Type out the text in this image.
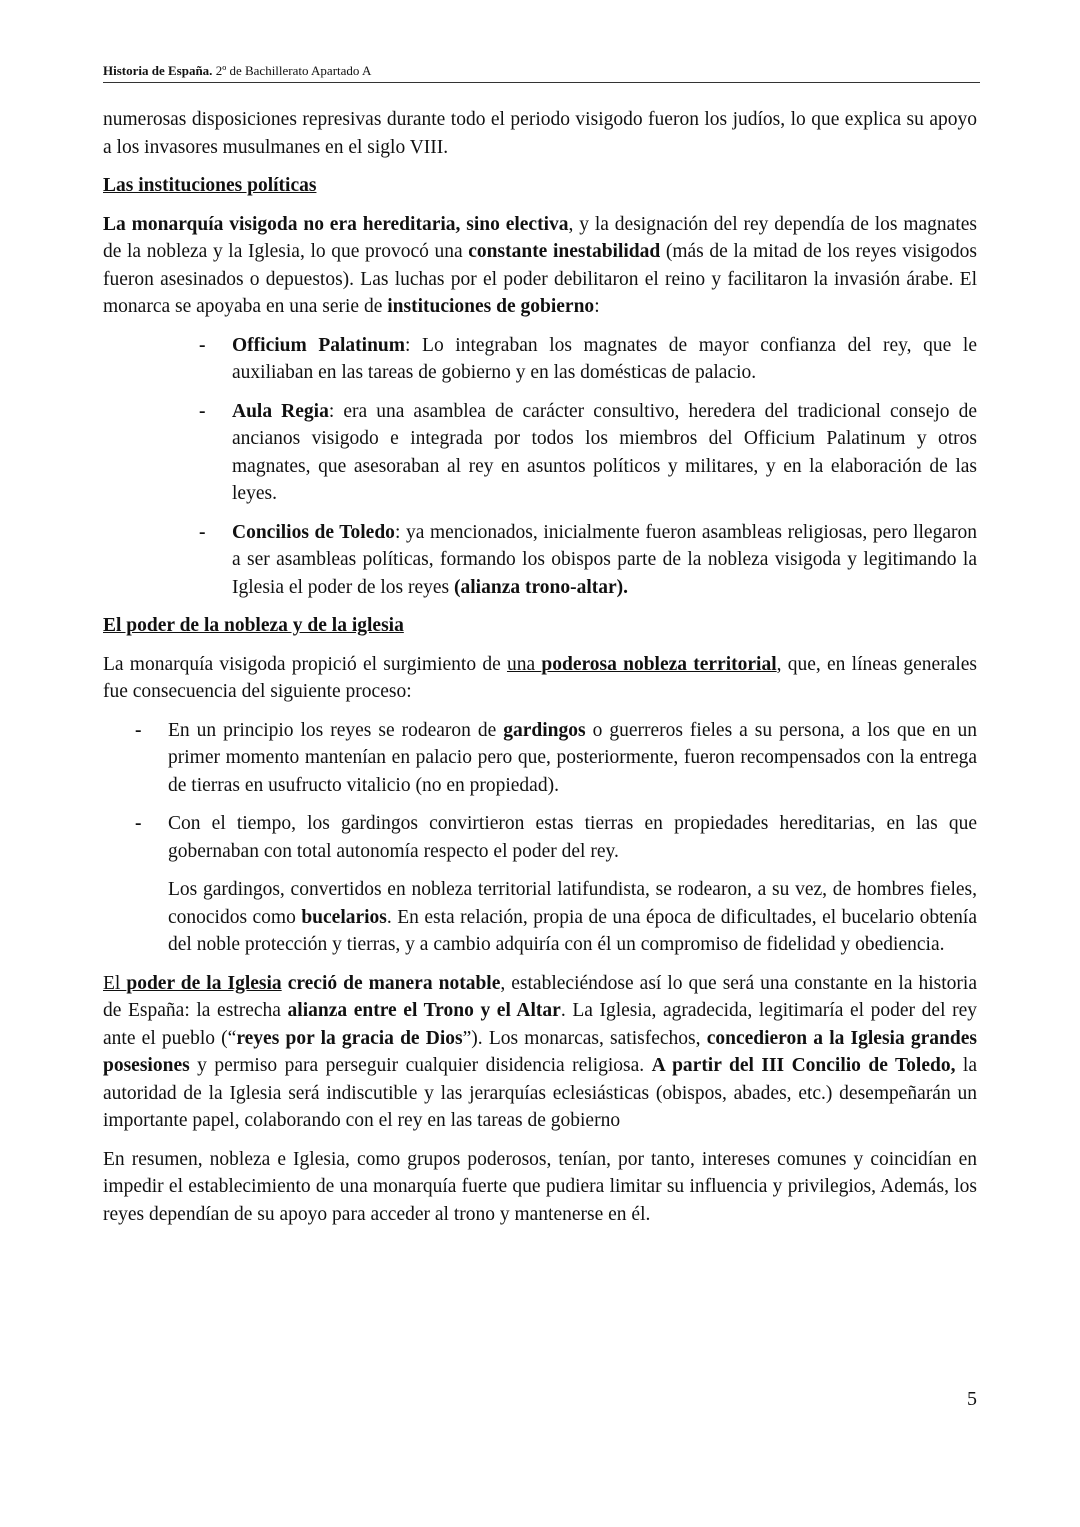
Historia de España. 2º de Bachillerato Apartado A

numerosas disposiciones represivas durante todo el periodo visigodo fueron los judíos, lo que explica su apoyo a los invasores musulmanes en el siglo VIII.

Las instituciones políticas

La monarquía visigoda no era hereditaria, sino electiva, y la designación del rey dependía de los magnates de la nobleza y la Iglesia, lo que provocó una constante inestabilidad (más de la mitad de los reyes visigodos fueron asesinados o depuestos). Las luchas por el poder debilitaron el reino y facilitaron la invasión árabe. El monarca se apoyaba en una serie de instituciones de gobierno:

- Officium Palatinum: Lo integraban los magnates de mayor confianza del rey, que le auxiliaban en las tareas de gobierno y en las domésticas de palacio.
- Aula Regia: era una asamblea de carácter consultivo, heredera del tradicional consejo de ancianos visigodo e integrada por todos los miembros del Officium Palatinum y otros magnates, que asesoraban al rey en asuntos políticos y militares, y en la elaboración de las leyes.
- Concilios de Toledo: ya mencionados, inicialmente fueron asambleas religiosas, pero llegaron a ser asambleas políticas, formando los obispos parte de la nobleza visigoda y legitimando la Iglesia el poder de los reyes (alianza trono-altar).
El poder de la nobleza y de la iglesia

La monarquía visigoda propició el surgimiento de una poderosa nobleza territorial, que, en líneas generales fue consecuencia del siguiente proceso:

- En un principio los reyes se rodearon de gardingos o guerreros fieles a su persona, a los que en un primer momento mantenían en palacio pero que, posteriormente, fueron recompensados con la entrega de tierras en usufructo vitalicio (no en propiedad).
- Con el tiempo, los gardingos convirtieron estas tierras en propiedades hereditarias, en las que gobernaban con total autonomía respecto el poder del rey.

Los gardingos, convertidos en nobleza territorial latifundista, se rodearon, a su vez, de hombres fieles, conocidos como bucelarios. En esta relación, propia de una época de dificultades, el bucelario obtenía del noble protección y tierras, y a cambio adquiría con él un compromiso de fidelidad y obediencia.

El poder de la Iglesia creció de manera notable, estableciéndose así lo que será una constante en la historia de España: la estrecha alianza entre el Trono y el Altar. La Iglesia, agradecida, legitimaría el poder del rey ante el pueblo (“reyes por la gracia de Dios”). Los monarcas, satisfechos, concedieron a la Iglesia grandes posesiones y permiso para perseguir cualquier disidencia religiosa. A partir del III Concilio de Toledo, la autoridad de la Iglesia será indiscutible y las jerarquías eclesiásticas (obispos, abades, etc.) desempeñarán un importante papel, colaborando con el rey en las tareas de gobierno

En resumen, nobleza e Iglesia, como grupos poderosos, tenían, por tanto, intereses comunes y coincidían en impedir el establecimiento de una monarquía fuerte que pudiera limitar su influencia y privilegios, Además, los reyes dependían de su apoyo para acceder al trono y mantenerse en él.

5
